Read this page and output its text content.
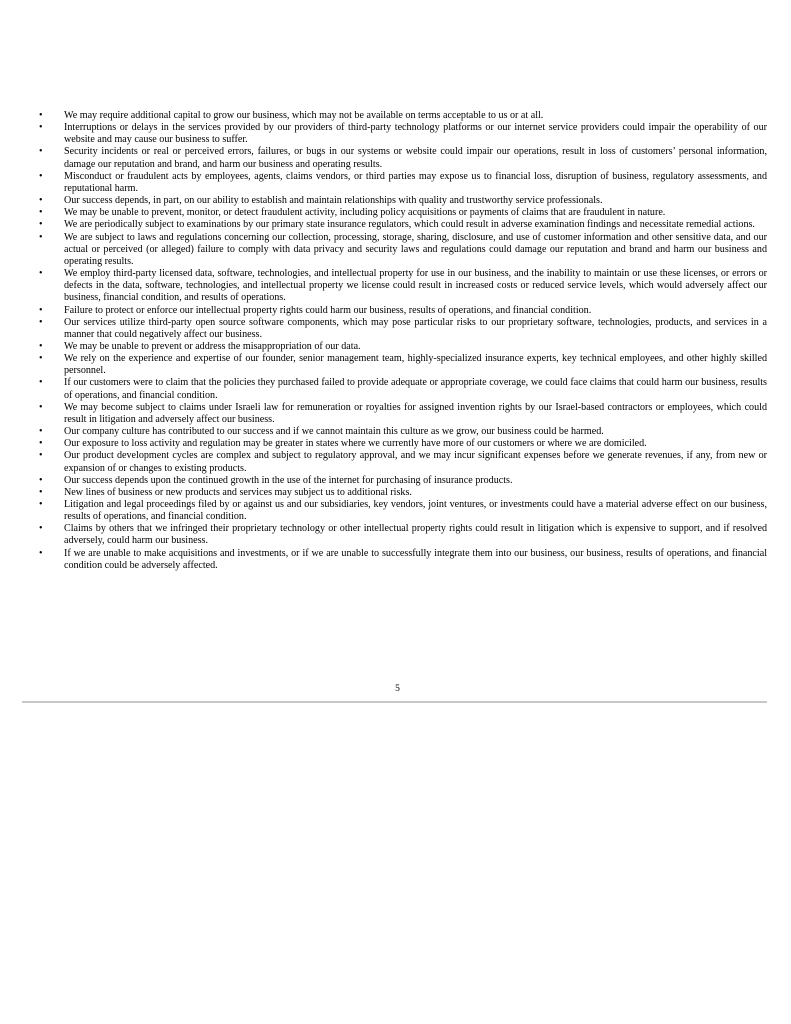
• We may require additional capital to grow our business, which may not be available on terms acceptable to us or at all.
• Interruptions or delays in the services provided by our providers of third-party technology platforms or our internet service providers could impair the operability of our website and may cause our business to suffer.
• Security incidents or real or perceived errors, failures, or bugs in our systems or website could impair our operations, result in loss of customers’ personal information, damage our reputation and brand, and harm our business and operating results.
• Misconduct or fraudulent acts by employees, agents, claims vendors, or third parties may expose us to financial loss, disruption of business, regulatory assessments, and reputational harm.
• Our success depends, in part, on our ability to establish and maintain relationships with quality and trustworthy service professionals.
• We may be unable to prevent, monitor, or detect fraudulent activity, including policy acquisitions or payments of claims that are fraudulent in nature.
• We are periodically subject to examinations by our primary state insurance regulators, which could result in adverse examination findings and necessitate remedial actions.
• We are subject to laws and regulations concerning our collection, processing, storage, sharing, disclosure, and use of customer information and other sensitive data, and our actual or perceived (or alleged) failure to comply with data privacy and security laws and regulations could damage our reputation and brand and harm our business and operating results.
• We employ third-party licensed data, software, technologies, and intellectual property for use in our business, and the inability to maintain or use these licenses, or errors or defects in the data, software, technologies, and intellectual property we license could result in increased costs or reduced service levels, which would adversely affect our business, financial condition, and results of operations.
• Failure to protect or enforce our intellectual property rights could harm our business, results of operations, and financial condition.
• Our services utilize third-party open source software components, which may pose particular risks to our proprietary software, technologies, products, and services in a manner that could negatively affect our business.
• We may be unable to prevent or address the misappropriation of our data.
• We rely on the experience and expertise of our founder, senior management team, highly-specialized insurance experts, key technical employees, and other highly skilled personnel.
• If our customers were to claim that the policies they purchased failed to provide adequate or appropriate coverage, we could face claims that could harm our business, results of operations, and financial condition.
• We may become subject to claims under Israeli law for remuneration or royalties for assigned invention rights by our Israel-based contractors or employees, which could result in litigation and adversely affect our business.
• Our company culture has contributed to our success and if we cannot maintain this culture as we grow, our business could be harmed.
• Our exposure to loss activity and regulation may be greater in states where we currently have more of our customers or where we are domiciled.
• Our product development cycles are complex and subject to regulatory approval, and we may incur significant expenses before we generate revenues, if any, from new or expansion of or changes to existing products.
• Our success depends upon the continued growth in the use of the internet for purchasing of insurance products.
• New lines of business or new products and services may subject us to additional risks.
• Litigation and legal proceedings filed by or against us and our subsidiaries, key vendors, joint ventures, or investments could have a material adverse effect on our business, results of operations, and financial condition.
• Claims by others that we infringed their proprietary technology or other intellectual property rights could result in litigation which is expensive to support, and if resolved adversely, could harm our business.
• If we are unable to make acquisitions and investments, or if we are unable to successfully integrate them into our business, our business, results of operations, and financial condition could be adversely affected.
5
